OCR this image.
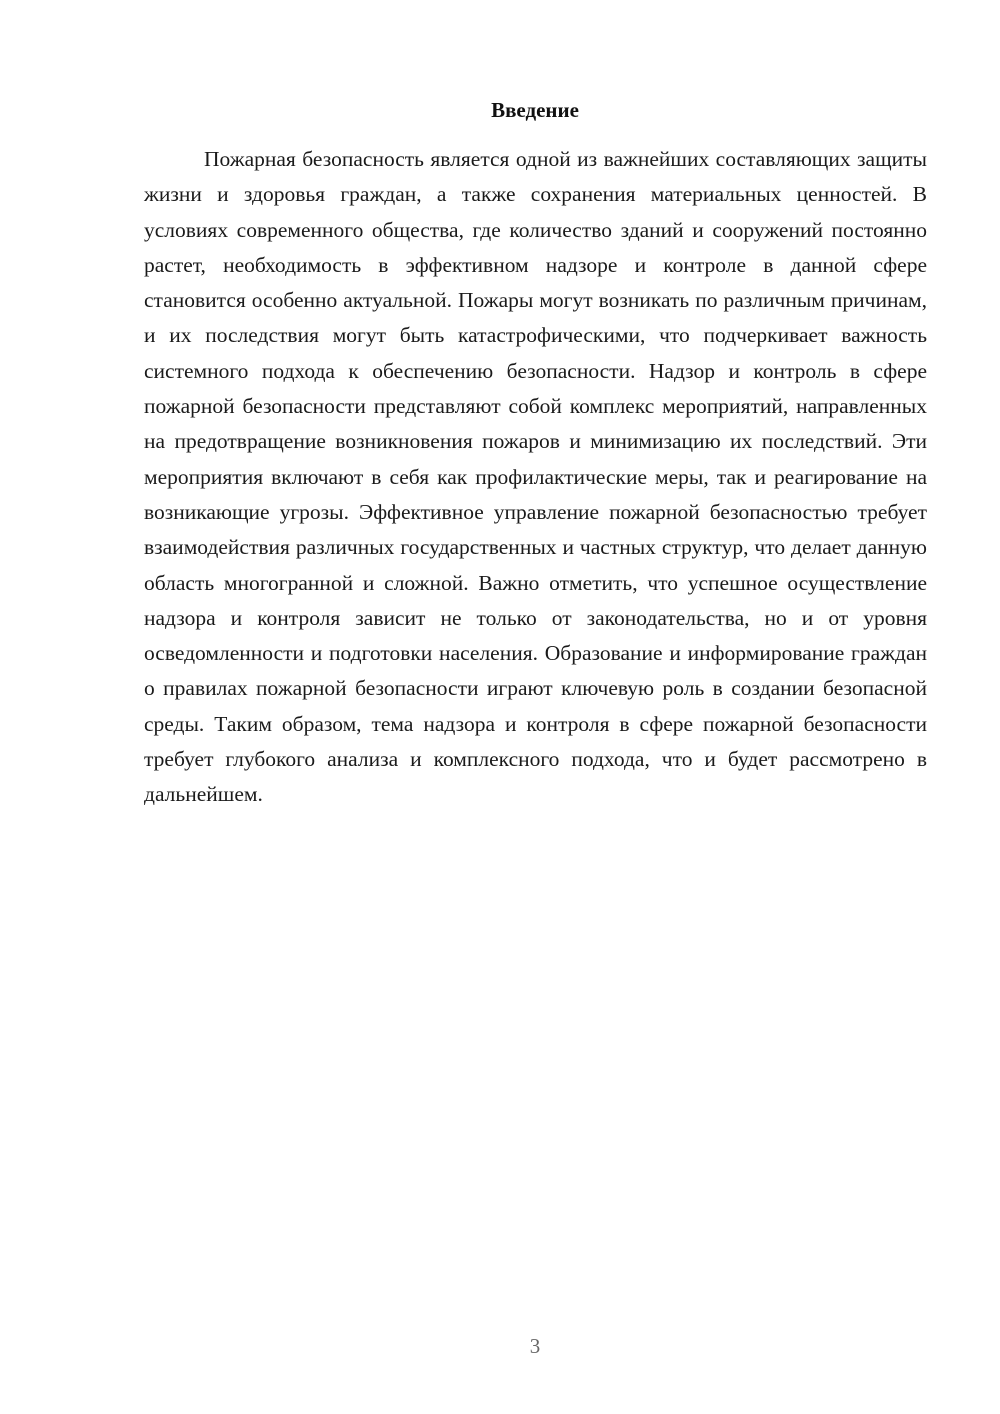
Введение

Пожарная безопасность является одной из важнейших составляющих защиты жизни и здоровья граждан, а также сохранения материальных ценностей. В условиях современного общества, где количество зданий и сооружений постоянно растет, необходимость в эффективном надзоре и контроле в данной сфере становится особенно актуальной. Пожары могут возникать по различным причинам, и их последствия могут быть катастрофическими, что подчеркивает важность системного подхода к обеспечению безопасности. Надзор и контроль в сфере пожарной безопасности представляют собой комплекс мероприятий, направленных на предотвращение возникновения пожаров и минимизацию их последствий. Эти мероприятия включают в себя как профилактические меры, так и реагирование на возникающие угрозы. Эффективное управление пожарной безопасностью требует взаимодействия различных государственных и частных структур, что делает данную область многогранной и сложной. Важно отметить, что успешное осуществление надзора и контроля зависит не только от законодательства, но и от уровня осведомленности и подготовки населения. Образование и информирование граждан о правилах пожарной безопасности играют ключевую роль в создании безопасной среды. Таким образом, тема надзора и контроля в сфере пожарной безопасности требует глубокого анализа и комплексного подхода, что и будет рассмотрено в дальнейшем.

3
